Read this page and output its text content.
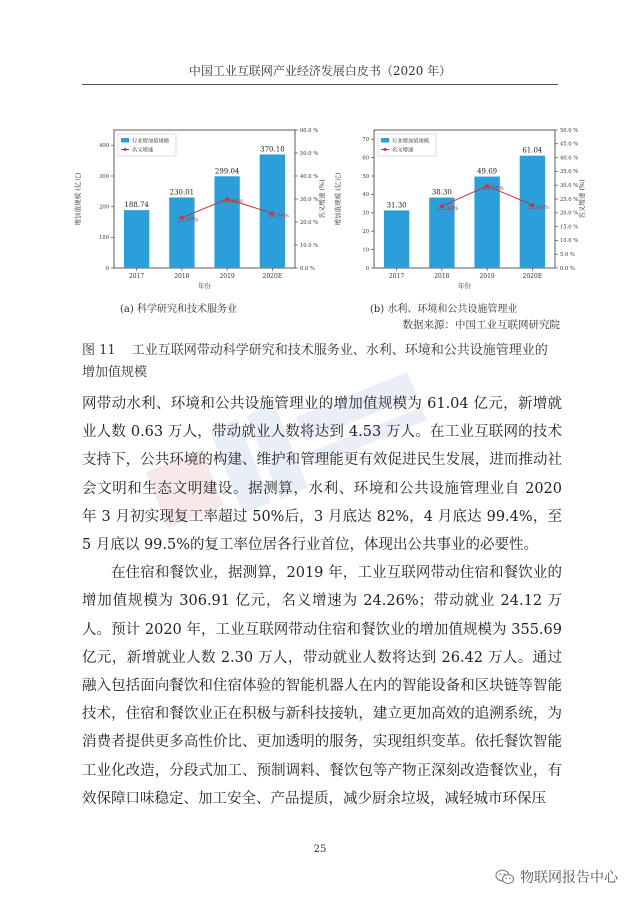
中国工业互联网产业经济发展白皮书（2020 年）
0
100
200
300
400
0.0 %
10.0 %
20.0 %
30.0 %
40.0 %
50.0 %
60.0 %
188.74
2017
230.01
2018
299.04
2019
370.18
2020E
21.87%
30.01%
23.79%
年份
增加值规模 (亿元)	名义增速 (%)
行业增加值规模
名义增速
0
10
20
30
40
50
60
70
0.0 %
5.0 %
10.0 %
15.0 %
20.0 %
25.0 %
30.0 %
35.0 %
40.0 %
45.0 %
50.0 %
31.30
2017
38.30
2018
49.69
2019
61.04
2020E
22.38%
29.73%
22.84%
年份
增加值规模 (亿元)	名义增速 (%)
行业增加值规模
名义增速
(a) 科学研究和技术服务业	(b) 水利、环境和公共设施管理业
数据来源：中国工业互联网研究院
图 11 工业互联网带动科学研究和技术服务业、水利、环境和公共设施管理业的增加值规模

网带动水利、环境和公共设施管理业的增加值规模为 61.04 亿元，新增就业人数 0.63 万人，带动就业人数将达到 4.53 万人。在工业互联网的技术支持下，公共环境的构建、维护和管理能更有效促进民生发展，进而推动社会文明和生态文明建设。据测算，水利、环境和公共设施管理业自 2020 年 3 月初实现复工率超过 50%后，3 月底达 82%，4 月底达 99.4%，至 5 月底以 99.5%的复工率位居各行业首位，体现出公共事业的必要性。

在住宿和餐饮业，据测算，2019 年，工业互联网带动住宿和餐饮业的增加值规模为 306.91 亿元，名义增速为 24.26%；带动就业 24.12 万人。预计 2020 年，工业互联网带动住宿和餐饮业的增加值规模为 355.69 亿元，新增就业人数 2.30 万人，带动就业人数将达到 26.42 万人。通过融入包括面向餐饮和住宿体验的智能机器人在内的智能设备和区块链等智能技术，住宿和餐饮业正在积极与新科技接轨，建立更加高效的追溯系统，为消费者提供更多高性价比、更加透明的服务，实现组织变革。依托餐饮智能工业化改造，分段式加工、预制调料、餐饮包等产物正深刻改造餐饮业，有效保障口味稳定、加工安全、产品提质，减少厨余垃圾，减轻城市环保压

25
物联网报告中心
